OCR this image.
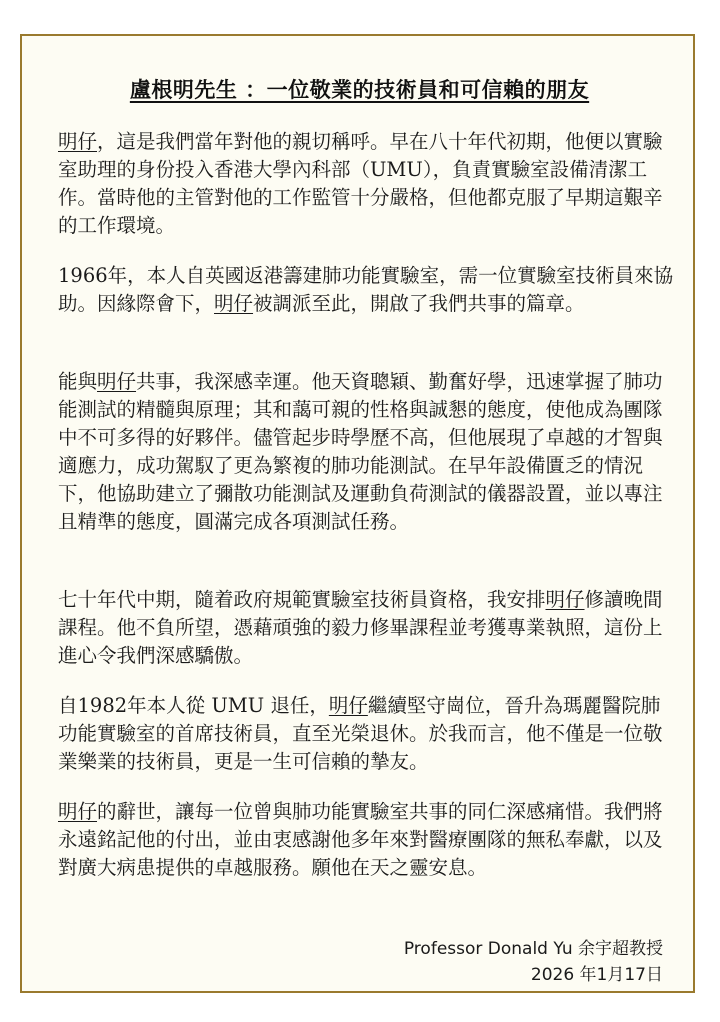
盧根明先生 ：一位敬業的技術員和可信賴的朋友

明仔，這是我們當年對他的親切稱呼。早在八十年代初期，他便以實驗室助理的身份投入香港大學內科部（UMU），負責實驗室設備清潔工作。當時他的主管對他的工作監管十分嚴格，但他都克服了早期這艱辛的工作環境。

1966年，本人自英國返港籌建肺功能實驗室，需一位實驗室技術員來協助。因緣際會下，明仔被調派至此，開啟了我們共事的篇章。

能與明仔共事，我深感幸運。他天資聰穎、勤奮好學，迅速掌握了肺功能測試的精髓與原理；其和藹可親的性格與誠懇的態度，使他成為團隊中不可多得的好夥伴。儘管起步時學歷不高，但他展現了卓越的才智與適應力，成功駕馭了更為繁複的肺功能測試。在早年設備匱乏的情況下，他協助建立了彌散功能測試及運動負荷測試的儀器設置，並以專注且精準的態度，圓滿完成各項測試任務。

七十年代中期，隨着政府規範實驗室技術員資格，我安排明仔修讀晚間課程。他不負所望，憑藉頑強的毅力修畢課程並考獲專業執照，這份上進心令我們深感驕傲。

自1982年本人從 UMU 退任，明仔繼續堅守崗位，晉升為瑪麗醫院肺功能實驗室的首席技術員，直至光榮退休。於我而言，他不僅是一位敬業樂業的技術員，更是一生可信賴的摯友。

明仔的辭世，讓每一位曾與肺功能實驗室共事的同仁深感痛惜。我們將永遠銘記他的付出，並由衷感謝他多年來對醫療團隊的無私奉獻，以及對廣大病患提供的卓越服務。願他在天之靈安息。

Professor Donald Yu 余宇超教授
2026 年1月17日
